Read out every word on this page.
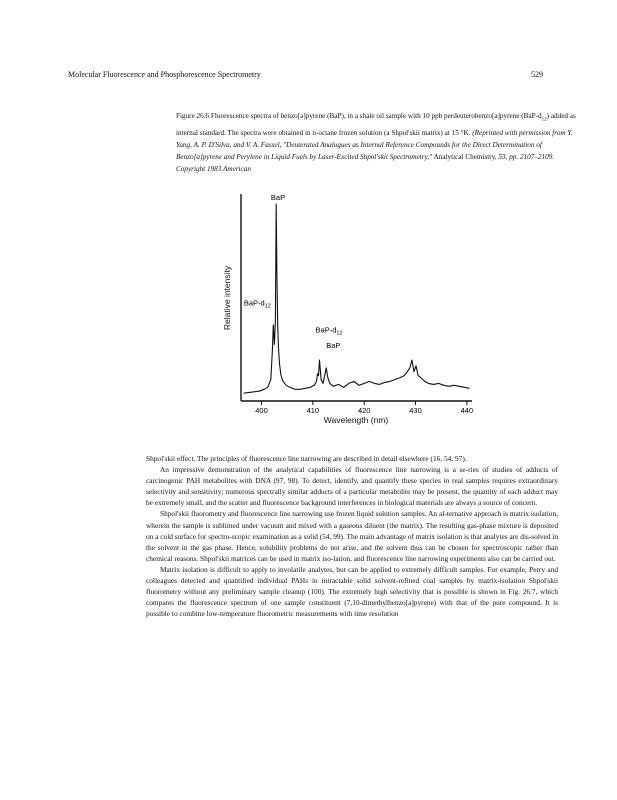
Molecular Fluorescence and Phosphorescence Spectrometry	529

Figure 26.6 Fluorescence spectra of benzo[a]pyrene (BaP), in a shale oil sample with 10 ppb perdeuterobenzo[a]pyrene $(BaP-d_{12})$ added as internal standard. The spectra were obtained in n-octane frozen solution (a Shpol'skii matrix) at 15 °K. (Reprinted with permission from Y. Yang, A. P. D'Silva, and V. A. Fassel, "Deuterated Analogues as Internal Reference Compounds for the Direct Determination of Benzo[a]pyrene and Perylene in Liquid Fuels by Laser-Excited Shpol'skii Spectrometry," Analytical Chemistry, 53, pp. 2107–2109. Copyright 1983 American

Relative intensity
Wavelength (nm)
400	410	420	430	440
BaP
BaP-$d_{12}$
BaP-$d_{12}$
BaP

Shpol'skii effect. The principles of fluorescence line narrowing are described in detail elsewhere (16, 54, 97).

An impressive demonstration of the analytical capabilities of fluorescence line narrowing is a se-ries of studies of adducts of carcinogenic PAH metabolites with DNA (97, 98). To detect, identify, and quantify these species in real samples requires extraordinary selectivity and sensitivity; numerous spectrally similar adducts of a particular metabolite may be present, the quantity of each adduct may be extremely small, and the scatter and fluorescence background interferences in biological materials are always a source of concern.

Shpol'skii fluorometry and fluorescence line narrowing use frozen liquid solution samples. An al-ternative approach is matrix isolation, wherein the sample is sublimed under vacuum and mixed with a gaseous diluent (the matrix). The resulting gas-phase mixture is deposited on a cold surface for spectro-scopic examination as a solid (54, 99). The main advantage of matrix isolation is that analytes are dis-solved in the solvent in the gas phase. Hence, solubility problems do not arise, and the solvent thus can be chosen for spectroscopic rather than chemical reasons. Shpol'skii matrices can be used in matrix iso-lation, and fluorescence line narrowing experiments also can be carried out.

Matrix isolation is difficult to apply to involatile analytes, but can be applied to extremely difficult samples. For example, Perry and colleagues detected and quantified individual PAHs in intractable solid solvent-refined coal samples by matrix-isolation Shpol'skii fluorometry without any preliminary sample cleanup (100). The extremely high selectivity that is possible is shown in Fig. 26.7, which compares the fluorescence spectrum of one sample constituent (7,10-dimethylbenzo[a]pyrene) with that of the pure compound. It is possible to combine low-temperature fluorometric measurements with time resolution
